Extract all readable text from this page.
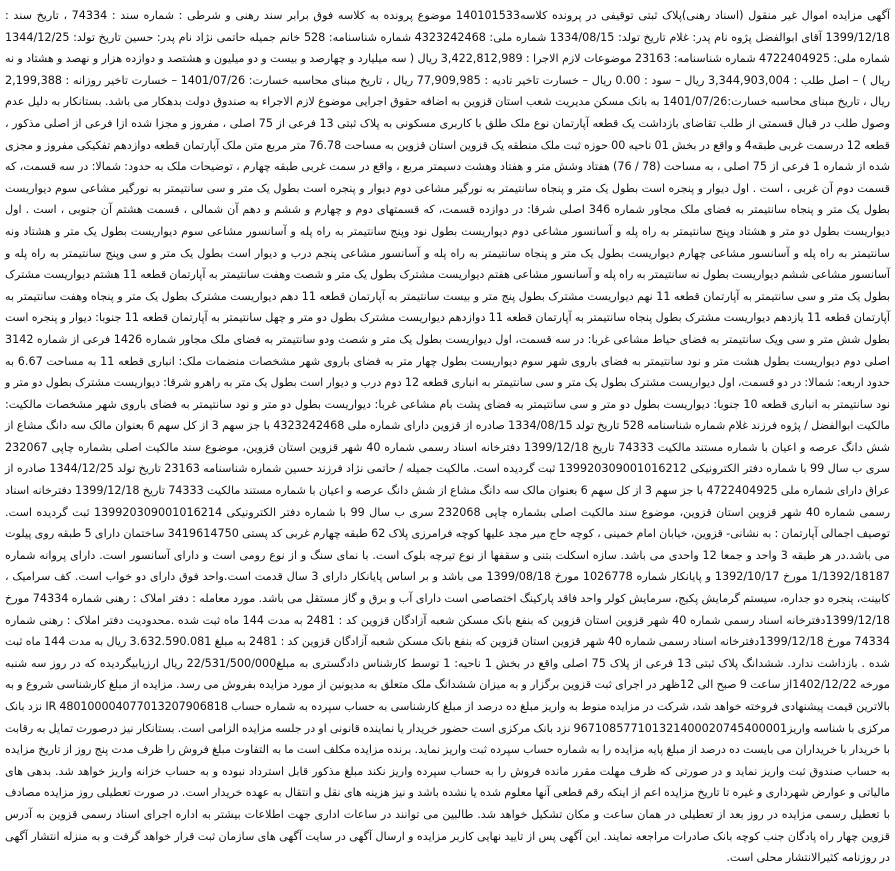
آگهی مزایده اموال غیر منقول (اسناد رهنی)پلاک ثبتی توقیفی در پرونده کلاسه140101533 موضوع پرونده به کلاسه فوق برابر سند رهنی و شرطی : شماره سند : 74334 ، تاریخ سند : 1399/12/18 آقای ابوالفضل پژوه نام پدر: غلام تاریخ تولد: 1334/08/15 شماره ملی: 4323242468 شماره شناسنامه: 528 خانم جمیله حاتمی نژاد نام پدر: حسین تاریخ تولد: 1344/12/25 شماره ملی: 4722404925 شماره شناسنامه: 23163 موضوعات لازم الاجرا : 3,422,812,989 ریال ( سه میلیارد و چهارصد و بیست و دو میلیون و هشتصد و دوازده هزار و نهصد و هشتاد و نه ریال ) – اصل طلب : 3,344,903,004 ریال – سود : 0.00 ریال – خسارت تاخیر تادیه : 77,909,985 ریال ، تاریخ مبنای محاسبه خسارت: 1401/07/26 – خسارت تاخیر روزانه : 2,199,388 ریال ، تاریخ مبنای محاسبه خسارت:1401/07/26 به بانک مسکن مدیریت شعب استان قزوین به اضافه حقوق اجرایی موضوع لازم الاجراء به صندوق دولت بدهکار می باشد. بستانکار به دلیل عدم وصول طلب در قبال قسمتی از طلب تقاضای بازداشت یک قطعه آپارتمان نوع ملک طلق با کاربری مسکونی به پلاک ثبتی 13 فرعی از 75 اصلی ، مفروز و مجزا شده ازا فرعی از اصلی مذکور ، قطعه 12 درسمت غربی طبقه4 و واقع در بخش 01 ناحیه 00 حوزه ثبت ملک منطقه یک قزوین استان قزوین به مساحت 76.78 متر مربع متن ملک آپارتمان قطعه دوازدهم تفکیکی مفروز و مجزی شده از شماره 1 فرعی از 75 اصلی ، به مساحت (78 / 76) هفتاد وشش متر و هفتاد وهشت دسیمتر مربع ، واقع در سمت غربی طبقه چهارم ، توضیحات ملک به حدود: شمالا: در سه قسمت، که قسمت دوم آن غربی ، است . اول دیوار و پنجره است بطول یک متر و پنجاه سانتیمتر به نورگیر مشاعی دوم دیوار و پنجره است بطول یک متر و سی سانتیمتر به نورگیر مشاعی سوم دیواریست بطول یک متر و پنجاه سانتیمتر به فضای ملک مجاور شماره 346 اصلی شرقا: در دوازده قسمت، که قسمتهای دوم و چهارم و ششم و دهم آن شمالی ، قسمت هشتم آن جنوبی ، است . اول دیواریست بطول دو متر و هشتاد وپنج سانتیمتر به راه پله و آسانسور مشاعی دوم دیواریست بطول نود وپنج سانتیمتر به راه پله و آسانسور مشاعی سوم دیواریست بطول یک متر و هشتاد ونه سانتیمتر به راه پله و آسانسور مشاعی چهارم دیواریست بطول یک متر و پنجاه سانتیمتر به راه پله و آسانسور مشاعی پنجم درب و دیوار است بطول یک متر و سی وپنج سانتیمتر به راه پله و آسانسور مشاعی ششم دیواریست بطول نه سانتیمتر به راه پله و آسانسور مشاعی هفتم دیواریست مشترک بطول یک متر و شصت وهفت سانتیمتر به آپارتمان قطعه 11 هشتم دیواریست مشترک بطول یک متر و سی سانتیمتر به آپارتمان قطعه 11 نهم دیواریست مشترک بطول پنج متر و بیست سانتیمتر به آپارتمان قطعه 11 دهم دیواریست مشترک بطول یک متر و پنجاه وهفت سانتیمتر به آپارتمان قطعه 11 یازدهم دیواریست مشترک بطول پنجاه سانتیمتر به آپارتمان قطعه 11 دوازدهم دیواریست مشترک بطول دو متر و چهل سانتیمتر به آپارتمان قطعه 11 جنوبا: دیوار و پنجره است بطول شش متر و سی ویک سانتیمتر به فضای حیاط مشاعی غربا: در سه قسمت، اول دیواریست بطول یک متر و شصت ودو سانتیمتر به فضای ملک مجاور شماره 1426 فرعی از شماره 3142 اصلی دوم دیواریست بطول هشت متر و نود سانتیمتر به فضای باروی شهر سوم دیواریست بطول چهار متر به فضای باروی شهر مشخصات منضمات ملک: انباری قطعه 11 به مساحت 6.67 به حدود اربعه: شمالا: در دو قسمت، اول دیواریست مشترک بطول یک متر و سی سانتیمتر به انباری قطعه 12 دوم درب و دیوار است بطول یک متر به راهرو شرقا: دیواریست مشترک بطول دو متر و نود سانتیمتر به انباری قطعه 10 جنوبا: دیواریست بطول دو متر و سی سانتیمتر به فضای پشت بام مشاعی غربا: دیواریست بطول دو متر و نود سانتیمتر به فضای باروی شهر مشخصات مالکیت: مالکیت ابوالفضل / پژوه فرزند غلام شماره شناسنامه 528 تاریخ تولد 1334/08/15 صادره از قزوین دارای شماره ملی 4323242468 با جز سهم 3 از کل سهم 6 بعنوان مالک سه دانگ مشاع از شش دانگ عرصه و اعیان با شماره مستند مالکیت 74333 تاریخ 1399/12/18 دفترخانه اسناد رسمی شماره 40 شهر قزوین استان قزوین، موضوع سند مالکیت اصلی بشماره چاپی 232067 سری ب سال 99 با شماره دفتر الکترونیکی 139920309001016212 ثبت گردیده است. مالکیت جمیله / حاتمی نژاد فرزند حسین شماره شناسنامه 23163 تاریخ تولد 1344/12/25 صادره از عراق دارای شماره ملی 4722404925 با جز سهم 3 از کل سهم 6 بعنوان مالک سه دانگ مشاع از شش دانگ عرصه و اعیان با شماره مستند مالکیت 74333 تاریخ 1399/12/18 دفترخانه اسناد رسمی شماره 40 شهر قزوین استان قزوین، موضوع سند مالکیت اصلی بشماره چاپی 232068 سری ب سال 99 با شماره دفتر الکترونیکی 139920309001016214 ثبت گردیده است. توصیف اجمالی آپارتمان : به نشانی- قزوین، خیابان امام خمینی ، کوچه حاج میر مجد علیها کوچه فرامرزی پلاک 62 طبقه چهارم غربی کد پستی 3419614750 ساختمان دارای 5 طبقه روی پیلوت می باشد.در هر طبقه 3 واحد و جمعا 12 واحدی می باشد. سازه اسکلت بتنی و سقفها از نوع تیرچه بلوک است. با نمای سنگ و از نوع رومی است و دارای آسانسور است. دارای پروانه شماره 1/1392/18187 مورخ 1392/10/17 و پایانکار شماره 1026778 مورخ 1399/08/18 می باشد و بر اساس پایانکار دارای 3 سال قدمت است.واحد فوق دارای دو خواب است. کف سرامیک ، کابینت، پنجره دو جداره، سیستم گرمایش پکیج، سرمایش کولر واحد فاقد پارکینگ اختصاصی است دارای آب و برق و گاز مستقل می باشد. مورد معامله : دفتر املاک : رهنی شماره 74334 مورخ 1399/12/18دفترخانه اسناد رسمی شماره 40 شهر قزوین استان قزوین که بنفع بانک مسکن شعبه آزادگان قزوین کد : 2481 به مدت 144 ماه ثبت شده .محدودیت دفتر املاک : رهنی شماره 74334 مورخ 1399/12/18دفترخانه اسناد رسمی شماره 40 شهر قزوین استان قزوین که بنفع بانک مسکن شعبه آزادگان قزوین کد : 2481 به مبلغ 3.632.590.081 ریال به مدت 144 ماه ثبت شده . بازداشت ندارد. ششدانگ پلاک ثبتی 13 فرعی از پلاک 75 اصلی واقع در بخش 1 ناحیه: 1 توسط کارشناس دادگستری به مبلغ22/531/500/000 ریال ارزیابیگردیده که در روز سه شنبه مورخه 1402/12/22از ساعت 9 صبح الی 12ظهر در اجرای ثبت قزوین برگزار و به میزان ششدانگ ملک متعلق به مدیونین از مورد مزایده بفروش می رسد. مزایده از مبلغ کارشناسی شروع و به بالاترین قیمت پیشنهادی فروخته خواهد شد، شرکت در مزایده منوط به واریز مبلغ ده درصد از مبلغ کارشناسی به حساب سپرده به شماره حساب IR 480100004077013207906818 نزد بانک مرکزی با شناسه واریز967108577101321400020745400001 نزد بانک مرکزی است حضور خریدار یا نماینده قانونی او در جلسه مزایده الزامی است. بستانکار نیز درصورت تمایل به رقابت با خریدار با خریداران می بایست ده درصد از مبلغ پایه مزایده را به شماره حساب سپرده ثبت واریز نماید. برنده مزایده مکلف است ما به التفاوت مبلغ فروش را ظرف مدت پنج روز از تاریخ مزایده به حساب صندوق ثبت واریز نماید و در صورتی که ظرف مهلت مقرر مانده فروش را به حساب سپرده واریز نکند مبلغ مذکور قابل استرداد نبوده و به حساب خزانه واریز خواهد شد. بدهی های مالیاتی و عوارض شهرداری و غیره تا تاریخ مزایده اعم از اینکه رقم قطعی آنها معلوم شده یا نشده باشد و نیز هزینه های نقل و انتقال به عهده خریدار است. در صورت تعطیلی روز مزایده مصادف با تعطیل رسمی مزایده در روز بعد از تعطیلی در همان ساعت و مکان تشکیل خواهد شد. طالبین می توانند در ساعات اداری جهت اطلاعات بیشتر به اداره اجرای اسناد رسمی قزوین به آدرس قزوین چهار راه پادگان جنب کوچه بانک صادرات مراجعه نمایند. این آگهی پس از تایید نهایی کاربر مزایده و ارسال آگهی در سایت آگهی های سازمان ثبت قرار خواهد گرفت و به منزله انتشار آگهی در روزنامه کثیرالانتشار محلی است.
